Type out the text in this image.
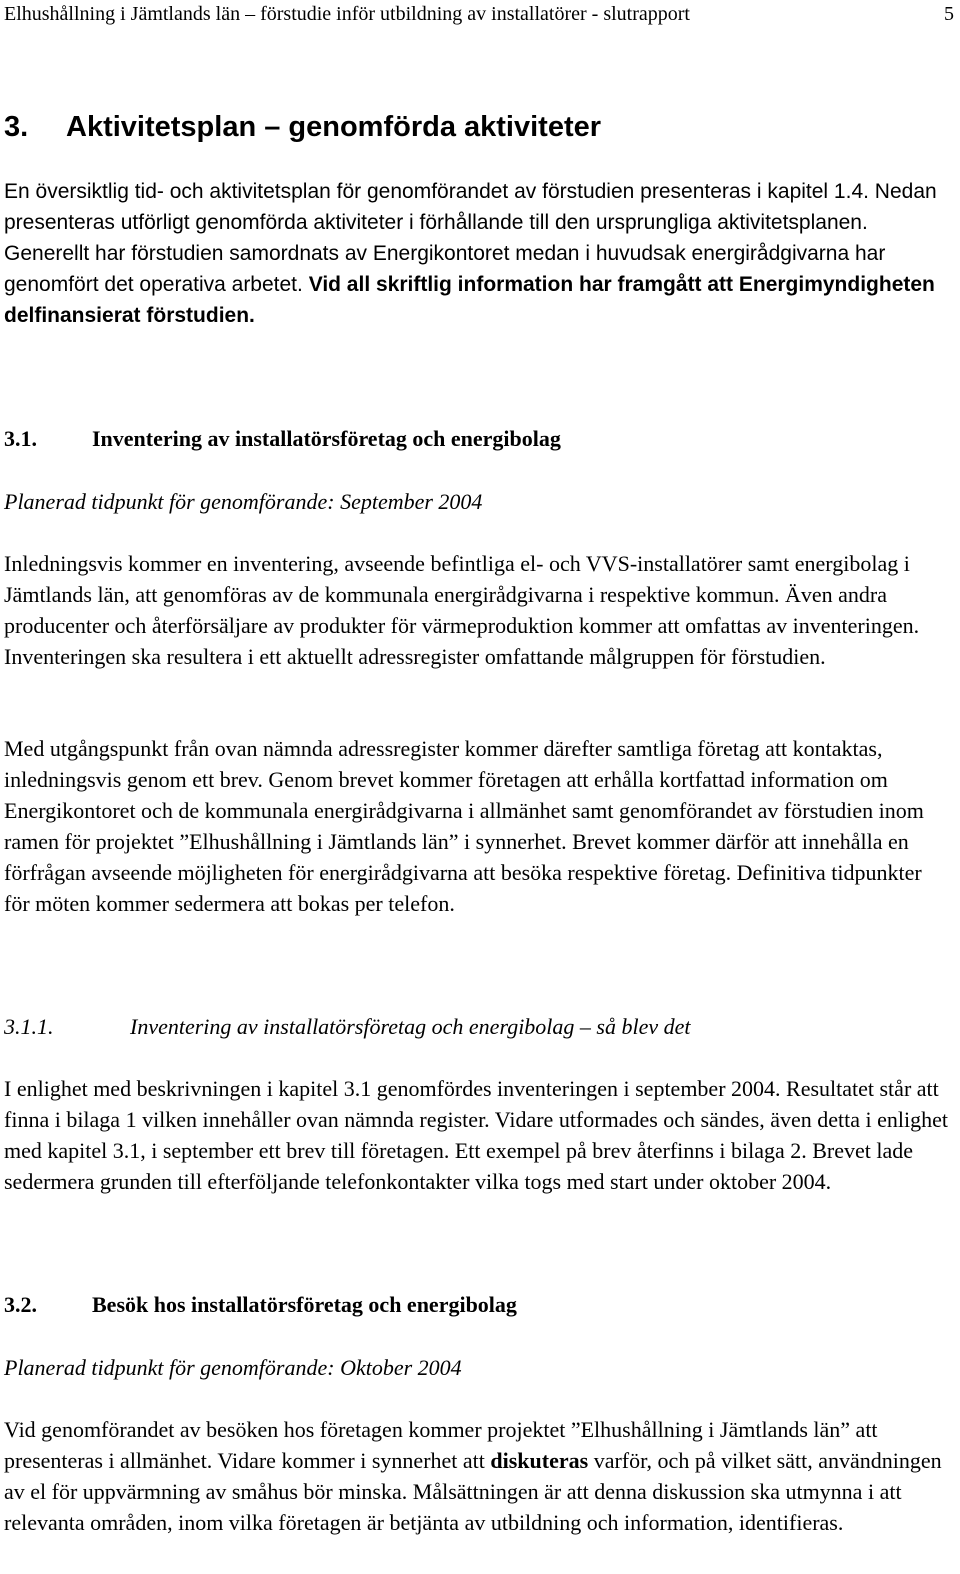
Elhushållning i Jämtlands län – förstudie inför utbildning av installatörer - slutrapport	5
3. Aktivitetsplan – genomförda aktiviteter

En översiktlig tid- och aktivitetsplan för genomförandet av förstudien presenteras i kapitel 1.4. Nedan presenteras utförligt genomförda aktiviteter i förhållande till den ursprungliga aktivitetsplanen. Generellt har förstudien samordnats av Energikontoret medan i huvudsak energirådgivarna har genomfört det operativa arbetet. Vid all skriftlig information har framgått att Energimyndigheten delfinansierat förstudien.

3.1.	Inventering av installatörsföretag och energibolag
Planerad tidpunkt för genomförande: September 2004
Inledningsvis kommer en inventering, avseende befintliga el- och VVS-installatörer samt energibolag i Jämtlands län, att genomföras av de kommunala energirådgivarna i respektive kommun. Även andra producenter och återförsäljare av produkter för värmeproduktion kommer att omfattas av inventeringen. Inventeringen ska resultera i ett aktuellt adressregister omfattande målgruppen för förstudien.
Med utgångspunkt från ovan nämnda adressregister kommer därefter samtliga företag att kontaktas, inledningsvis genom ett brev. Genom brevet kommer företagen att erhålla kortfattad information om Energikontoret och de kommunala energirådgivarna i allmänhet samt genomförandet av förstudien inom ramen för projektet ”Elhushållning i Jämtlands län” i synnerhet. Brevet kommer därför att innehålla en förfrågan avseende möjligheten för energirådgivarna att besöka respektive företag. Definitiva tidpunkter för möten kommer sedermera att bokas per telefon.
3.1.1.	Inventering av installatörsföretag och energibolag – så blev det
I enlighet med beskrivningen i kapitel 3.1 genomfördes inventeringen i september 2004. Resultatet står att finna i bilaga 1 vilken innehåller ovan nämnda register. Vidare utformades och sändes, även detta i enlighet med kapitel 3.1, i september ett brev till företagen. Ett exempel på brev återfinns i bilaga 2. Brevet lade sedermera grunden till efterföljande telefonkontakter vilka togs med start under oktober 2004.
3.2.	Besök hos installatörsföretag och energibolag
Planerad tidpunkt för genomförande: Oktober 2004

Vid genomförandet av besöken hos företagen kommer projektet ”Elhushållning i Jämtlands län” att presenteras i allmänhet. Vidare kommer i synnerhet att diskuteras varför, och på vilket sätt, användningen av el för uppvärmning av småhus bör minska. Målsättningen är att denna diskussion ska utmynna i att relevanta områden, inom vilka företagen är betjänta av utbildning och information, identifieras.
